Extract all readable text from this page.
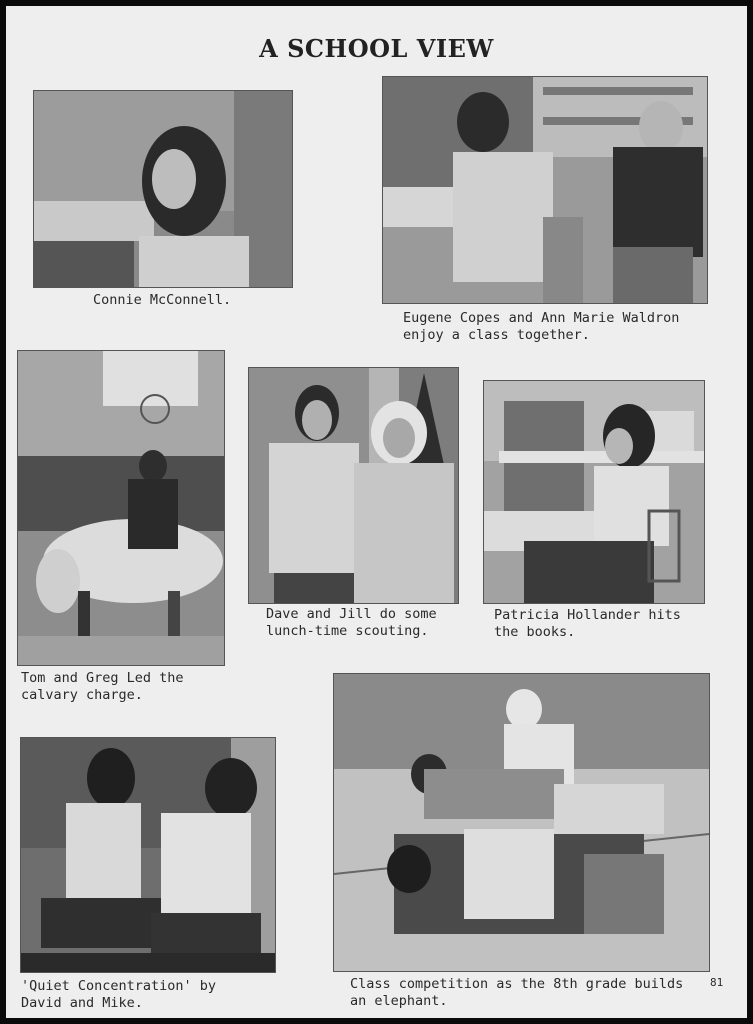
A SCHOOL VIEW
Connie McConnell.
Eugene Copes and Ann Marie Waldron
enjoy a class together.
Tom and Greg Led the
calvary charge.
Dave and Jill do some
lunch-time scouting.
Patricia Hollander hits
the books.
'Quiet Concentration' by
David and Mike.
Class competition as the 8th grade builds
an elephant.
81
